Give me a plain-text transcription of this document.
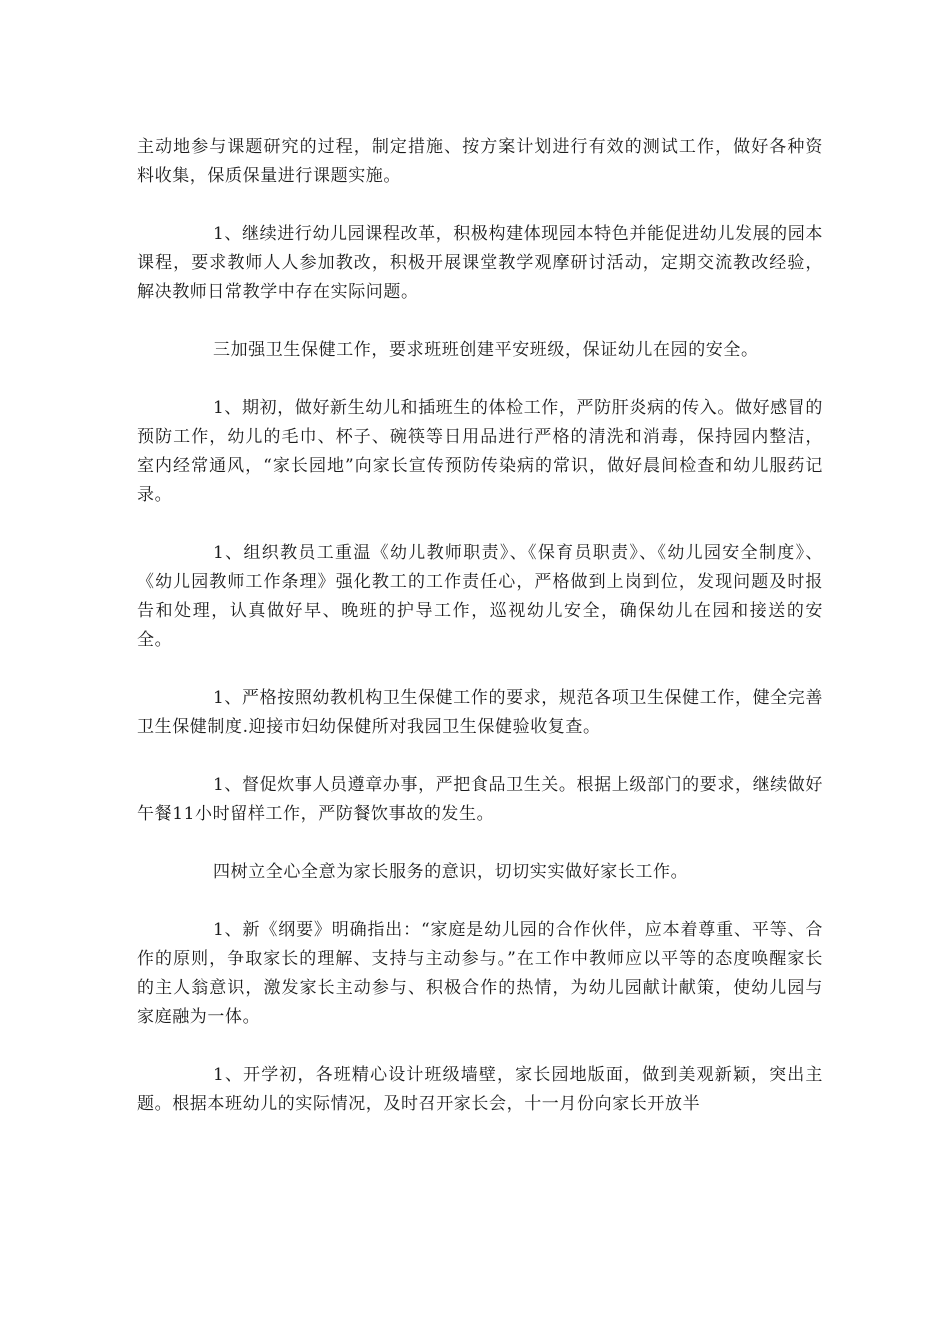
主动地参与课题研究的过程，制定措施、按方案计划进行有效的测试工作，做好各种资料收集，保质保量进行课题实施。

1、继续进行幼儿园课程改革，积极构建体现园本特色并能促进幼儿发展的园本课程，要求教师人人参加教改，积极开展课堂教学观摩研讨活动，定期交流教改经验，解决教师日常教学中存在实际问题。

三加强卫生保健工作，要求班班创建平安班级，保证幼儿在园的安全。

1、期初，做好新生幼儿和插班生的体检工作，严防肝炎病的传入。做好感冒的预防工作，幼儿的毛巾、杯子、碗筷等日用品进行严格的清洗和消毒，保持园内整洁，室内经常通风，“家长园地”向家长宣传预防传染病的常识，做好晨间检查和幼儿服药记录。

1、组织教员工重温《幼儿教师职责》、《保育员职责》、《幼儿园安全制度》、《幼儿园教师工作条理》强化教工的工作责任心，严格做到上岗到位，发现问题及时报告和处理，认真做好早、晚班的护导工作，巡视幼儿安全，确保幼儿在园和接送的安全。

1、严格按照幼教机构卫生保健工作的要求，规范各项卫生保健工作，健全完善卫生保健制度.迎接市妇幼保健所对我园卫生保健验收复查。

1、督促炊事人员遵章办事，严把食品卫生关。根据上级部门的要求，继续做好午餐11小时留样工作，严防餐饮事故的发生。

四树立全心全意为家长服务的意识，切切实实做好家长工作。

1、新《纲要》明确指出：“家庭是幼儿园的合作伙伴，应本着尊重、平等、合作的原则，争取家长的理解、支持与主动参与。”在工作中教师应以平等的态度唤醒家长的主人翁意识，激发家长主动参与、积极合作的热情，为幼儿园献计献策，使幼儿园与家庭融为一体。

1、开学初，各班精心设计班级墙壁，家长园地版面，做到美观新颖，突出主题。根据本班幼儿的实际情况，及时召开家长会，十一月份向家长开放半
